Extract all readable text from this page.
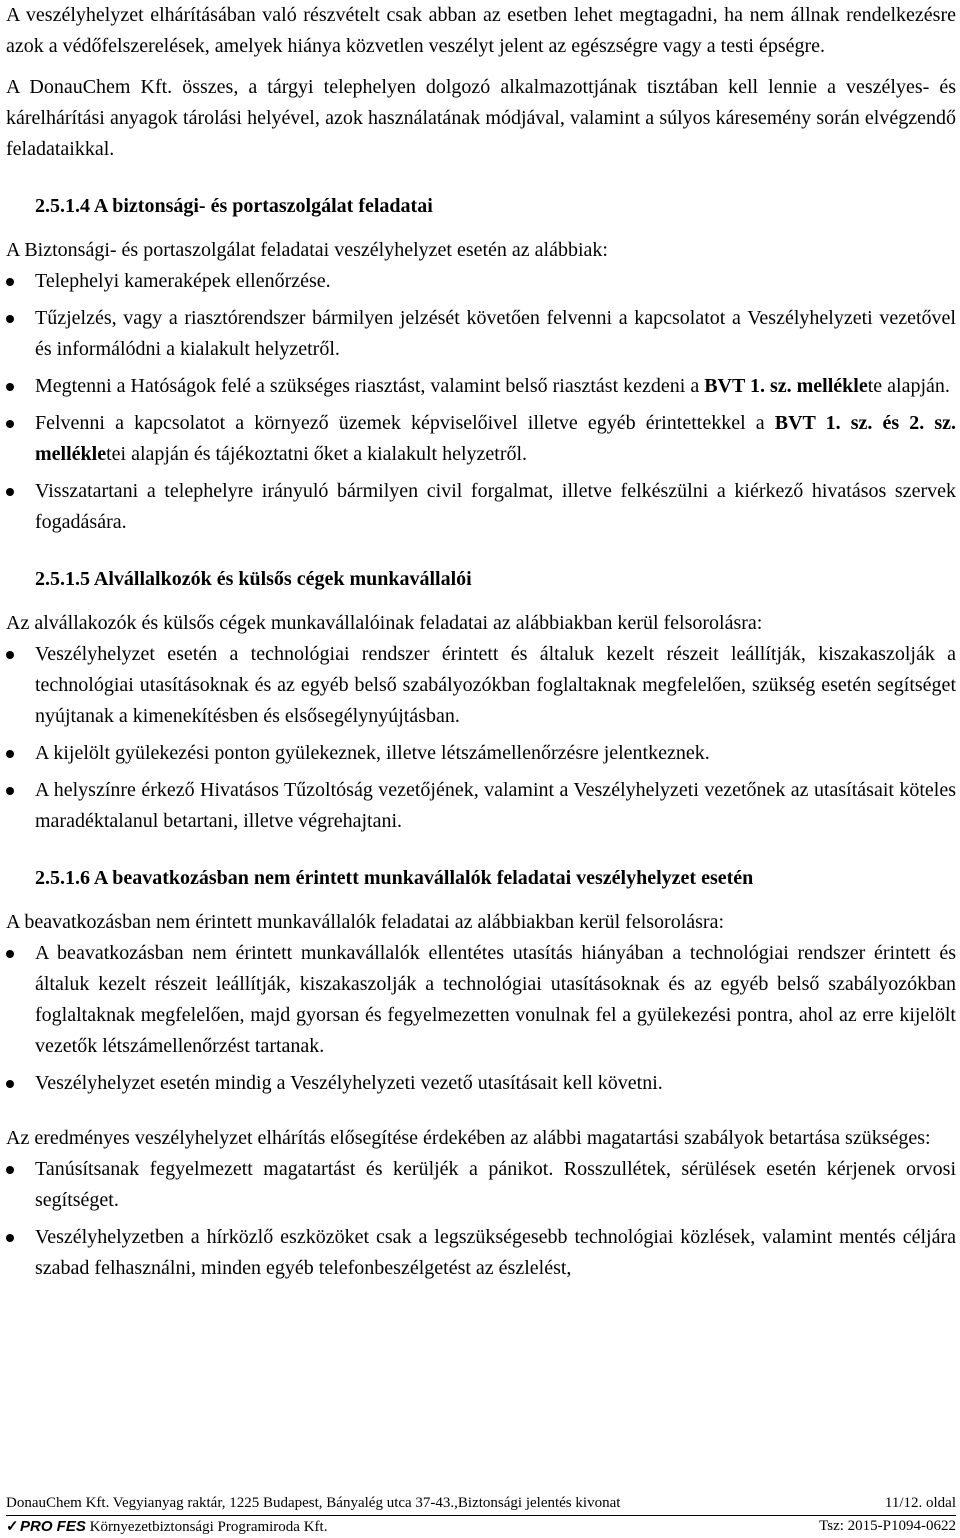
A veszélyhelyzet elhárításában való részvételt csak abban az esetben lehet megtagadni, ha nem állnak rendelkezésre azok a védőfelszerelések, amelyek hiánya közvetlen veszélyt jelent az egészségre vagy a testi épségre.

A DonauChem Kft. összes, a tárgyi telephelyen dolgozó alkalmazottjának tisztában kell lennie a veszélyes- és kárelhárítási anyagok tárolási helyével, azok használatának módjával, valamint a súlyos káresemény során elvégzendő feladataikkal.

2.5.1.4 A biztonsági- és portaszolgálat feladatai

A Biztonsági- és portaszolgálat feladatai veszélyhelyzet esetén az alábbiak:

Telephelyi kameraképek ellenőrzése.
Tűzjelzés, vagy a riasztórendszer bármilyen jelzését követően felvenni a kapcsolatot a Veszélyhelyzeti vezetővel és informálódni a kialakult helyzetről.
Megtenni a Hatóságok felé a szükséges riasztást, valamint belső riasztást kezdeni a BVT 1. sz. melléklete alapján.
Felvenni a kapcsolatot a környező üzemek képviselőivel illetve egyéb érintettekkel a BVT 1. sz. és 2. sz. mellékletei alapján és tájékoztatni őket a kialakult helyzetről.
Visszatartani a telephelyre irányuló bármilyen civil forgalmat, illetve felkészülni a kiérkező hivatásos szervek fogadására.
2.5.1.5 Alvállalkozók és külsős cégek munkavállalói

Az alvállakozók és külsős cégek munkavállalóinak feladatai az alábbiakban kerül felsorolásra:

Veszélyhelyzet esetén a technológiai rendszer érintett és általuk kezelt részeit leállítják, kiszakaszolják a technológiai utasításoknak és az egyéb belső szabályozókban foglaltaknak megfelelően, szükség esetén segítséget nyújtanak a kimenekítésben és elsősegélynyújtásban.
A kijelölt gyülekezési ponton gyülekeznek, illetve létszámellenőrzésre jelentkeznek.
A helyszínre érkező Hivatásos Tűzoltóság vezetőjének, valamint a Veszélyhelyzeti vezetőnek az utasításait köteles maradéktalanul betartani, illetve végrehajtani.
2.5.1.6 A beavatkozásban nem érintett munkavállalók feladatai veszélyhelyzet esetén

A beavatkozásban nem érintett munkavállalók feladatai az alábbiakban kerül felsorolásra:

A beavatkozásban nem érintett munkavállalók ellentétes utasítás hiányában a technológiai rendszer érintett és általuk kezelt részeit leállítják, kiszakaszolják a technológiai utasításoknak és az egyéb belső szabályozókban foglaltaknak megfelelően, majd gyorsan és fegyelmezetten vonulnak fel a gyülekezési pontra, ahol az erre kijelölt vezetők létszámellenőrzést tartanak.
Veszélyhelyzet esetén mindig a Veszélyhelyzeti vezető utasításait kell követni.

Az eredményes veszélyhelyzet elhárítás elősegítése érdekében az alábbi magatartási szabályok betartása szükséges:

Tanúsítsanak fegyelmezett magatartást és kerüljék a pánikot. Rosszullétek, sérülések esetén kérjenek orvosi segítséget.
Veszélyhelyzetben a hírközlő eszközöket csak a legszükségesebb technológiai közlések, valamint mentés céljára szabad felhasználni, minden egyéb telefonbeszélgetést az észlelést,
DonauChem Kft. Vegyianyag raktár, 1225 Budapest, Bányalég utca 37-43.,Biztonsági jelentés kivonat	11/12. oldal
✓PRO FES Környezetbiztonsági Programiroda Kft.	Tsz: 2015-P1094-0622
